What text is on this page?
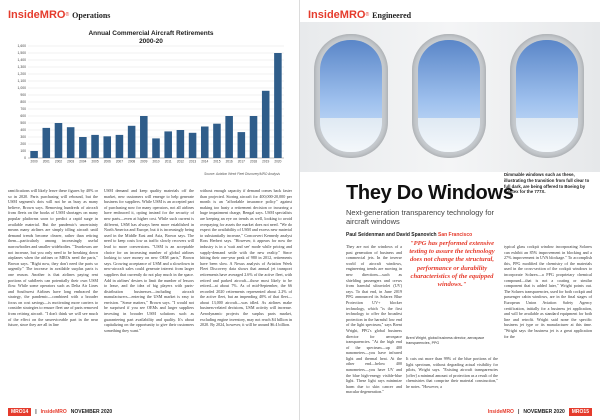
Inside MRO ® Operations
Annual Commercial Aircraft Retirements
2000-20
0
100
200
300
400
500
600
700
800
900
1,000
1,100
1,200
1,300
1,400
1,500
1,600
2000 2001 2002 2003 2004 2005 2006 2007 2008 2009 2010 2011 2012 2013 2014 2015 2016 2017 2018 2019 2020
Source: Aviation Week Fleet Discovery/MRO Analysis
ramifications will likely leave these figures by 40% or so in 2020. Parts purchasing will rebound, but the USM segment's dots will not be as busy as many believe, Brown says. Removing hundreds of aircraft from fleets on the books of USM shortages on many popular platforms soon to predict a rapid surge in available material. But the pandemic's uncertainty means many airlines are simply idling aircraft until demand trends become clearer, rather than retiring them—particularly among increasingly useful narrowbodies and smaller widebodies. "Teardowns are not increase, but you only need to be breaking down airplanes when the airlines or MROs need the parts," Brown says. "Right now, they don't need the parts so urgently." The increase in available surplus parts is one reason. Another is that airlines paying rent portions of subfleets can potentially their own USM flow. While some operators such as Delta Air Lines and Southwest Airlines have long embraced the strategy, the pandemic—combined with a broader focus on cost savings—is motivating more carriers to consider strategies to ensure fleet use of parts removed from retiring aircraft. "I don't think we will see much of the effect on the unserviceable part in the near future, since they are all in line
USM demand and keep quality materials off the market, new customers will emerge to help generate business for suppliers. While USM is an accepted part of purchasing now for many operators, not all airlines have embraced it, opting instead for the security of new parts—even at higher cost. While such current is different, USM has always been more established in North America and Europe, but it is increasingly being used in the Middle East and Asia, Brown says. The need to keep costs low as traffic slowly recovers will lead to more conversions. "USM is an acceptable choice for an increasing number of global airlines looking to save money on new OEM parts," Brown says. Growing acceptance of USM and a slowdown in new-aircraft sales could generate interest from larger suppliers that currently do not play much in the space. Add in airlines' desires to limit the number of lessors to lease, and the idea of big players with parts-distribution businesses—including aircraft manufacturers—entering the USM market is easy to envision. "Some matters," Brown says. "I would not be surprised if you see OEMs and larger suppliers investing in broader USM solutions such as guaranteeing part availability and quality. It's about capitalizing on the opportunity to give their customers something they want."
without enough capacity if demand comes back faster than projected. Storing aircraft for 400,000-20,000 per month is an "affordable insurance policy" against making too hasty a retirement decision or incurring a huge impairment charge, Bengal says. USM specialists are keeping an eye on trends as well, looking to avoid overpaying for assets the market does not need. "We do expect the availability of USM and excess new material to substantially increase," Concorvert Kennedy analyst Ross Herbert says. "However, it appears for now the industry is in a 'wait and see' mode while pricing and supply-demand settle with the new reality." Since hitting their one-year peak of 980 in 2012, retirements have been slow. A Nexus analysis of Aviation Week Fleet Discovery data shows that annual jet transport retirements have averaged 2.6% of the active fleet, with retired and parked aircraft—those most likely to be retired—at about 7%. As of mid-September, the 66 recorded 2020 retirements represented about 2.2% of the active fleet, but an impending 40% of that fleet—about 13,000 aircraft—was idled. As airlines make business-related decisions, USM activity will increase. Aerodynamic projects the surplus parts market, excluding engine inventory, may not reach $4 billion in 2020. By 2024, however, it will be around $6.4 billion.
MRO14	| InsideMRO NOVEMBER 2020
Inside MRO ® Engineered
Dimmable windows such as these, illustrating the transition from full clear to full dark, are being offered to Boeing by Gentex for the 777X.
They Do Windows
Next-generation transparency technology for aircraft windows
Paul Seidenman and David Spanovich San Francisco
They are not the windows of a past generation of business and commercial jets. In the inverse world of aircraft windows, engineering trends are moving in new directions—such as shielding passengers and crews from harmful ultraviolet (UV) rays. To that end, in June 2019 PPG announced its Solarex Blue Protection UV+ blocker technology, which "is the first technology to offer the broadest protection in the harmful low end of the light spectrum," says Brent Wright, PPG's global business director for aerospace transparencies. "At the high end of the spectrum—up 400 nanometers—you have infrared light and thermal heat. At the other end—below 400 nanometers—you have UV and the blue high-energy visible-blue light. These light rays minimize harm due to skin cancer and macular degeneration."
"PPG has performed extensive testing to assure the technology does not change the structural, performance or durability characteristics of the equipped windows."
Brent Wright, global business director, aerospace transparencies, PPG
It cuts out more than 99% of the blue portions of the light spectrum, without degrading actual visibility for pilots, Wright says. "Existing aircraft transparencies [offer] a minimal amount of protection as a result of the chemistries that comprise their material construction," he notes. "However, a
typical glass cockpit window incorporating Solarex can exhibit an 85% improvement in blocking and a 27% improvement in UVA blockage." To accomplish this, PPG modified the chemistry of the materials used in the cross-section of the cockpit windows to incorporate Solarex—a PPG proprietary chemical compound—that is not a coating or similar component that is added later," Wright points out. The Solarex transparencies, used for both cockpit and passenger cabin windows, are in the final stages of European Union Aviation Safety Agency certification, initially for a business jet application, and will be available as standard equipment for both line and retrofit. Wright said none the specific business jet type or its manufacturer at this time. "Wright says the business jet is a great application for the
InsideMRO | NOVEMBER 2020	MRO15
